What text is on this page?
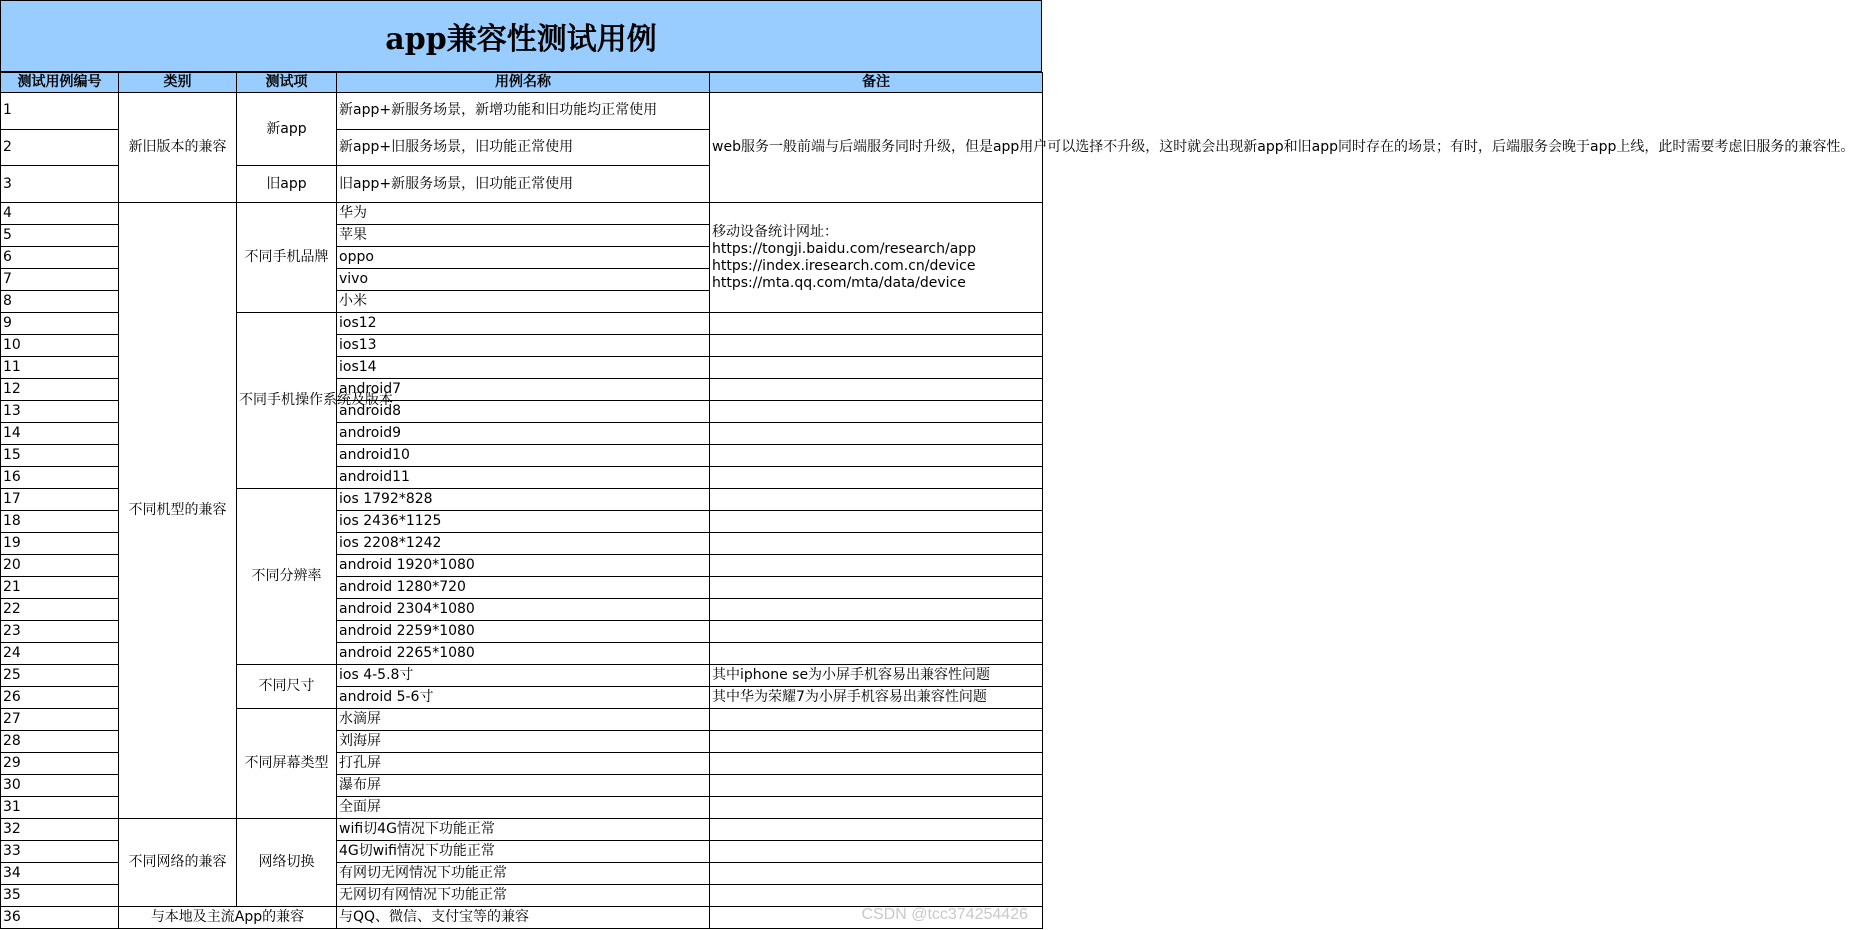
app兼容性测试用例
测试用例编号	类别	测试项	用例名称	备注
1	新旧版本的兼容	新app	新app+新服务场景，新增功能和旧功能均正常使用	web服务一般前端与后端服务同时升级，但是app用户可以选择不升级，这时就会出现新app和旧app同时存在的场景；有时，后端服务会晚于app上线，此时需要考虑旧服务的兼容性。
2			新app+旧服务场景，旧功能正常使用	
3		旧app	旧app+新服务场景，旧功能正常使用	
4	不同机型的兼容	不同手机品牌	华为	移动设备统计网址：
https://tongji.baidu.com/research/app
https://index.iresearch.com.cn/device
https://mta.qq.com/mta/data/device

5			苹果	
6			oppo	
7			vivo	
8			小米	
9		不同手机操作系统及版本	ios12	
10			ios13	
11			ios14	
12			android7	
13			android8	
14			android9	
15			android10	
16			android11	
17		不同分辨率	ios 1792*828	
18			ios 2436*1125	
19			ios 2208*1242	
20			android 1920*1080	
21			android 1280*720	
22			android 2304*1080	
23			android 2259*1080	
24			android 2265*1080	
25		不同尺寸	ios 4-5.8寸	其中iphone se为小屏手机容易出兼容性问题
26			android 5-6寸	其中华为荣耀7为小屏手机容易出兼容性问题
27		不同屏幕类型	水滴屏	
28			刘海屏	
29			打孔屏	
30			瀑布屏	
31			全面屏	
32	不同网络的兼容	网络切换	wifi切4G情况下功能正常	
33			4G切wifi情况下功能正常	
34			有网切无网情况下功能正常	
35			无网切有网情况下功能正常	
36	与本地及主流App的兼容		与QQ、微信、支付宝等的兼容		CSDN @tcc374254426
